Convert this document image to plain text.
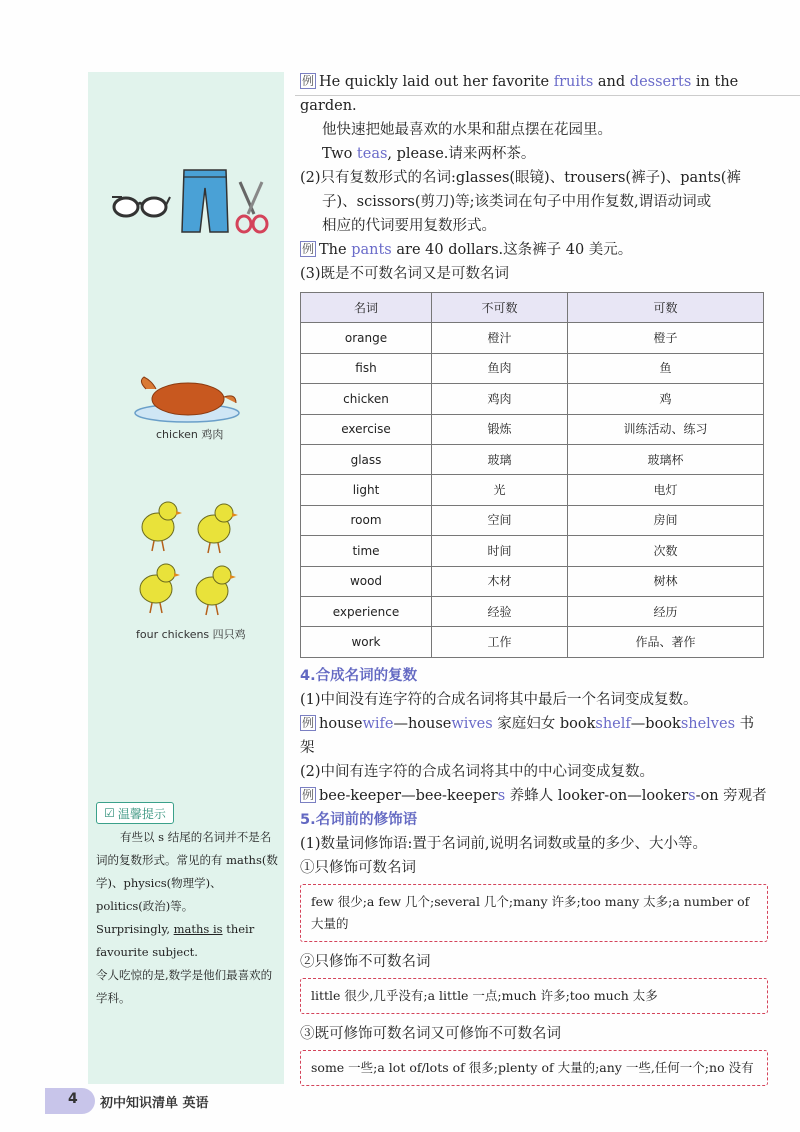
chicken 鸡肉
four chickens 四只鸡
☑ 温馨提示

有些以 s 结尾的名词并不是名词的复数形式。常见的有 maths(数学)、physics(物理学)、politics(政治)等。

Surprisingly, maths is their favourite subject.

令人吃惊的是,数学是他们最喜欢的学科。

例 He quickly laid out her favorite fruits and desserts in the garden.

他快速把她最喜欢的水果和甜点摆在花园里。

Two teas, please.请来两杯茶。

(2)只有复数形式的名词:glasses(眼镜)、trousers(裤子)、pants(裤

子)、scissors(剪刀)等;该类词在句子中用作复数,谓语动词或

相应的代词要用复数形式。

例 The pants are 40 dollars.这条裤子 40 美元。

(3)既是不可数名词又是可数名词

名词	不可数	可数
orange	橙汁	橙子
fish	鱼肉	鱼
chicken	鸡肉	鸡
exercise	锻炼	训练活动、练习
glass	玻璃	玻璃杯
light	光	电灯
room	空间	房间
time	时间	次数
wood	木材	树林
experience	经验	经历
work	工作	作品、著作

4.合成名词的复数

(1)中间没有连字符的合成名词将其中最后一个名词变成复数。

例 housewife—housewives 家庭妇女 bookshelf—bookshelves 书架

(2)中间有连字符的合成名词将其中的中心词变成复数。

例 bee-keeper—bee-keepers 养蜂人 looker-on—lookers-on 旁观者

5.名词前的修饰语

(1)数量词修饰语:置于名词前,说明名词数或量的多少、大小等。

①只修饰可数名词

few 很少;a few 几个;several 几个;many 许多;too many 太多;a number of 大量的

②只修饰不可数名词

little 很少,几乎没有;a little 一点;much 许多;too much 太多

③既可修饰可数名词又可修饰不可数名词

some 一些;a lot of/lots of 很多;plenty of 大量的;any 一些,任何一个;no 没有
4 初中知识清单 英语
